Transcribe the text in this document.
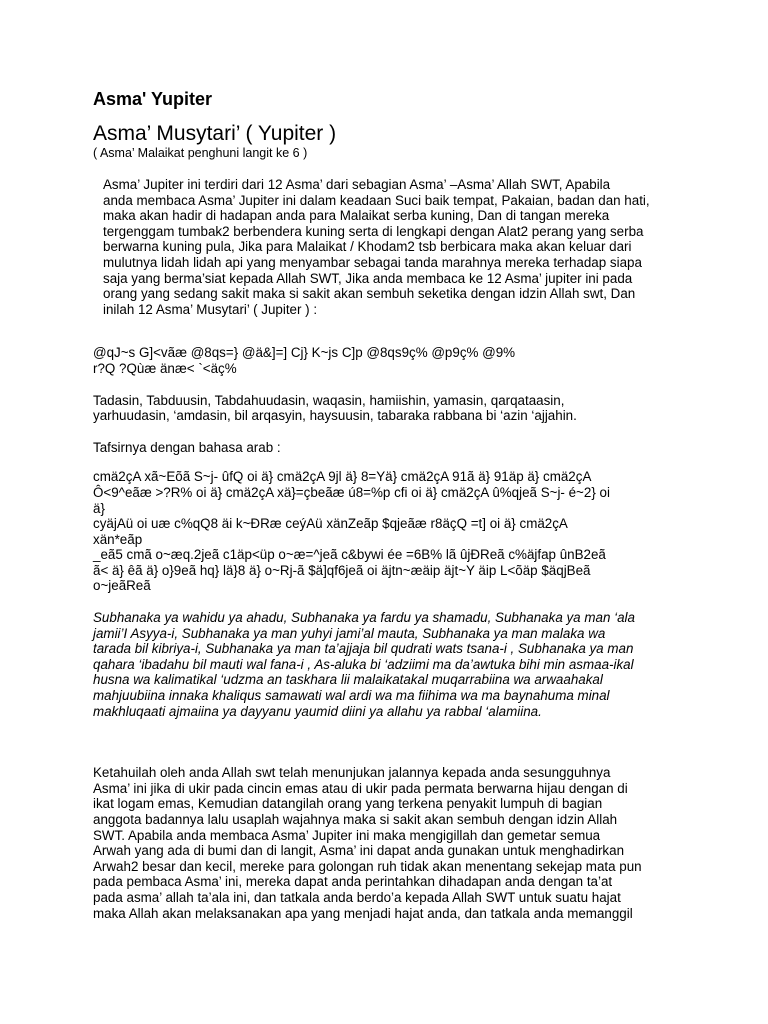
Asma' Yupiter

Asma’ Musytari’ ( Yupiter )

( Asma’ Malaikat penghuni langit ke 6 )

Asma’ Jupiter ini terdiri dari 12 Asma’ dari sebagian Asma’ –Asma’ Allah SWT, Apabila
anda membaca Asma’ Jupiter ini dalam keadaan Suci baik tempat, Pakaian, badan dan hati,
maka akan hadir di hadapan anda para Malaikat serba kuning, Dan di tangan mereka
tergenggam tumbak2 berbendera kuning serta di lengkapi dengan Alat2 perang yang serba
berwarna kuning pula, Jika para Malaikat / Khodam2 tsb berbicara maka akan keluar dari
mulutnya lidah lidah api yang menyambar sebagai tanda marahnya mereka terhadap siapa
saja yang berma’siat kepada Allah SWT, Jika anda membaca ke 12 Asma’ jupiter ini pada
orang yang sedang sakit maka si sakit akan sembuh seketika dengan idzin Allah swt, Dan
inilah 12 Asma’ Musytari’ ( Jupiter ) :
@qJ~s G]<vãæ @8qs=} @ä&]=] Cj} K~js C]p @8qs9ç% @p9ç% @9%
r?Q ?Qùæ änæ< `<äç%
Tadasin, Tabduusin, Tabdahuudasin, waqasin, hamiishin, yamasin, qarqataasin,
yarhuudasin, ‘amdasin, bil arqasyin, haysuusin, tabaraka rabbana bi ‘azin ‘ajjahin.

Tafsirnya dengan bahasa arab :

cmä2çA xã~Eõã S~j- ûfQ oi ä} cmä2çA 9jl ä} 8=Yä} cmä2çA 91ã ä} 91äp ä} cmä2çA
Ô<9^eãæ >?R% oi ä} cmä2çA xä}=çbeãæ ú8=%p cfi oi ä} cmä2çA û%qjeã S~j- é~2} oi
ä}
cyäjAü oi uæ c%qQ8 äi k~ÐRæ ceýAü xänZeãp $qjeãæ r8äçQ =t] oi ä} cmä2çA
xän*eãp
_eã5 cmã o~æq.2jeã c1äp<üp o~æ=^jeã c&bywi ée =6B% lã ûjÐReã c%äjfap ûnB2eã
ã< ä} êã ä} o}9eã hq} lä}8 ä} o~Rj-ã $ä]qf6jeã oi äjtn~æäip äjt~Y äip L<õäp $äqjBeã
o~jeãReã
Subhanaka ya wahidu ya ahadu, Subhanaka ya fardu ya shamadu, Subhanaka ya man ‘ala
jamii’I Asyya-i, Subhanaka ya man yuhyi jami’al mauta, Subhanaka ya man malaka wa
tarada bil kibriya-i, Subhanaka ya man ta’ajjaja bil qudrati wats tsana-i , Subhanaka ya man
qahara ‘ibadahu bil mauti wal fana-i , As-aluka bi ‘adziimi ma da’awtuka bihi min asmaa-ikal
husna wa kalimatikal ‘udzma an taskhara lii malaikatakal muqarrabiina wa arwaahakal
mahjuubiina innaka khaliqus samawati wal ardi wa ma fiihima wa ma baynahuma minal
makhluqaati ajmaiina ya dayyanu yaumid diini ya allahu ya rabbal ‘alamiina.
Ketahuilah oleh anda Allah swt telah menunjukan jalannya kepada anda sesungguhnya
Asma’ ini jika di ukir pada cincin emas atau di ukir pada permata berwarna hijau dengan di
ikat logam emas, Kemudian datangilah orang yang terkena penyakit lumpuh di bagian
anggota badannya lalu usaplah wajahnya maka si sakit akan sembuh dengan idzin Allah
SWT. Apabila anda membaca Asma’ Jupiter ini maka mengigillah dan gemetar semua
Arwah yang ada di bumi dan di langit, Asma’ ini dapat anda gunakan untuk menghadirkan
Arwah2 besar dan kecil, mereke para golongan ruh tidak akan menentang sekejap mata pun
pada pembaca Asma’ ini, mereka dapat anda perintahkan dihadapan anda dengan ta’at
pada asma’ allah ta’ala ini, dan tatkala anda berdo’a kepada Allah SWT untuk suatu hajat
maka Allah akan melaksanakan apa yang menjadi hajat anda, dan tatkala anda memanggil
